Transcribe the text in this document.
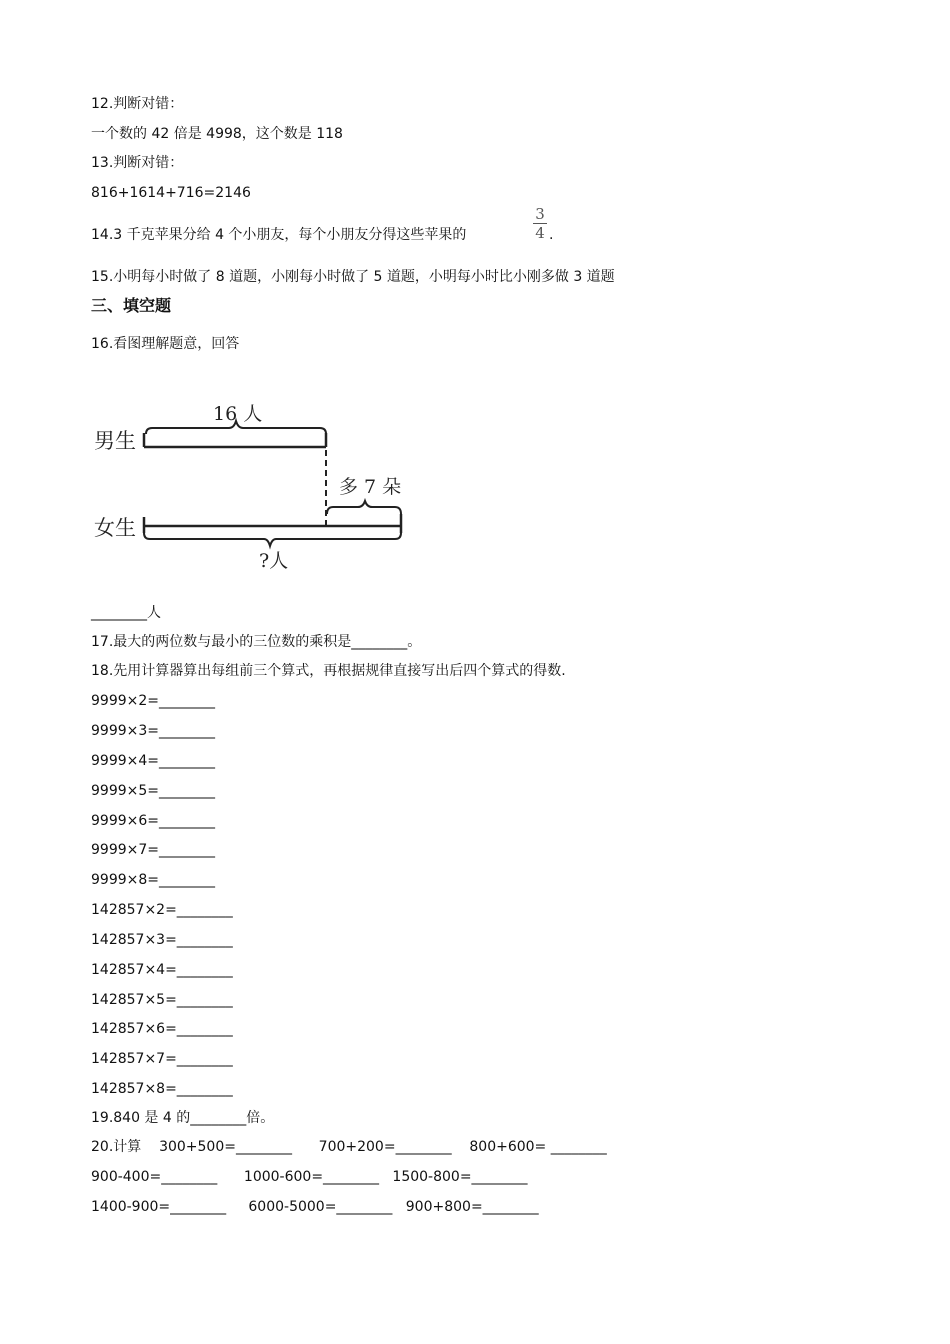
12.判断对错：
一个数的 42 倍是 4998，这个数是 118
13.判断对错：
816+1614+716=2146
14.3 千克苹果分给 4 个小朋友，每个小朋友分得这些苹果的
3
4 .
15.小明每小时做了 8 道题，小刚每小时做了 5 道题，小明每小时比小刚多做 3 道题
三、填空题
16.看图理解题意，回答
男生
16 人
多 7 朵
女生
?人
________人
17.最大的两位数与最小的三位数的乘积是________。
18.先用计算器算出每组前三个算式，再根据规律直接写出后四个算式的得数.
9999×2=________
9999×3=________
9999×4=________
9999×5=________
9999×6=________
9999×7=________
9999×8=________
142857×2=________
142857×3=________
142857×4=________
142857×5=________
142857×6=________
142857×7=________
142857×8=________
19.840 是 4 的________倍。
20.计算    300+500=________      700+200=________    800+600= ________
900-400=________      1000-600=________   1500-800=________
1400-900=________     6000-5000=________   900+800=________
